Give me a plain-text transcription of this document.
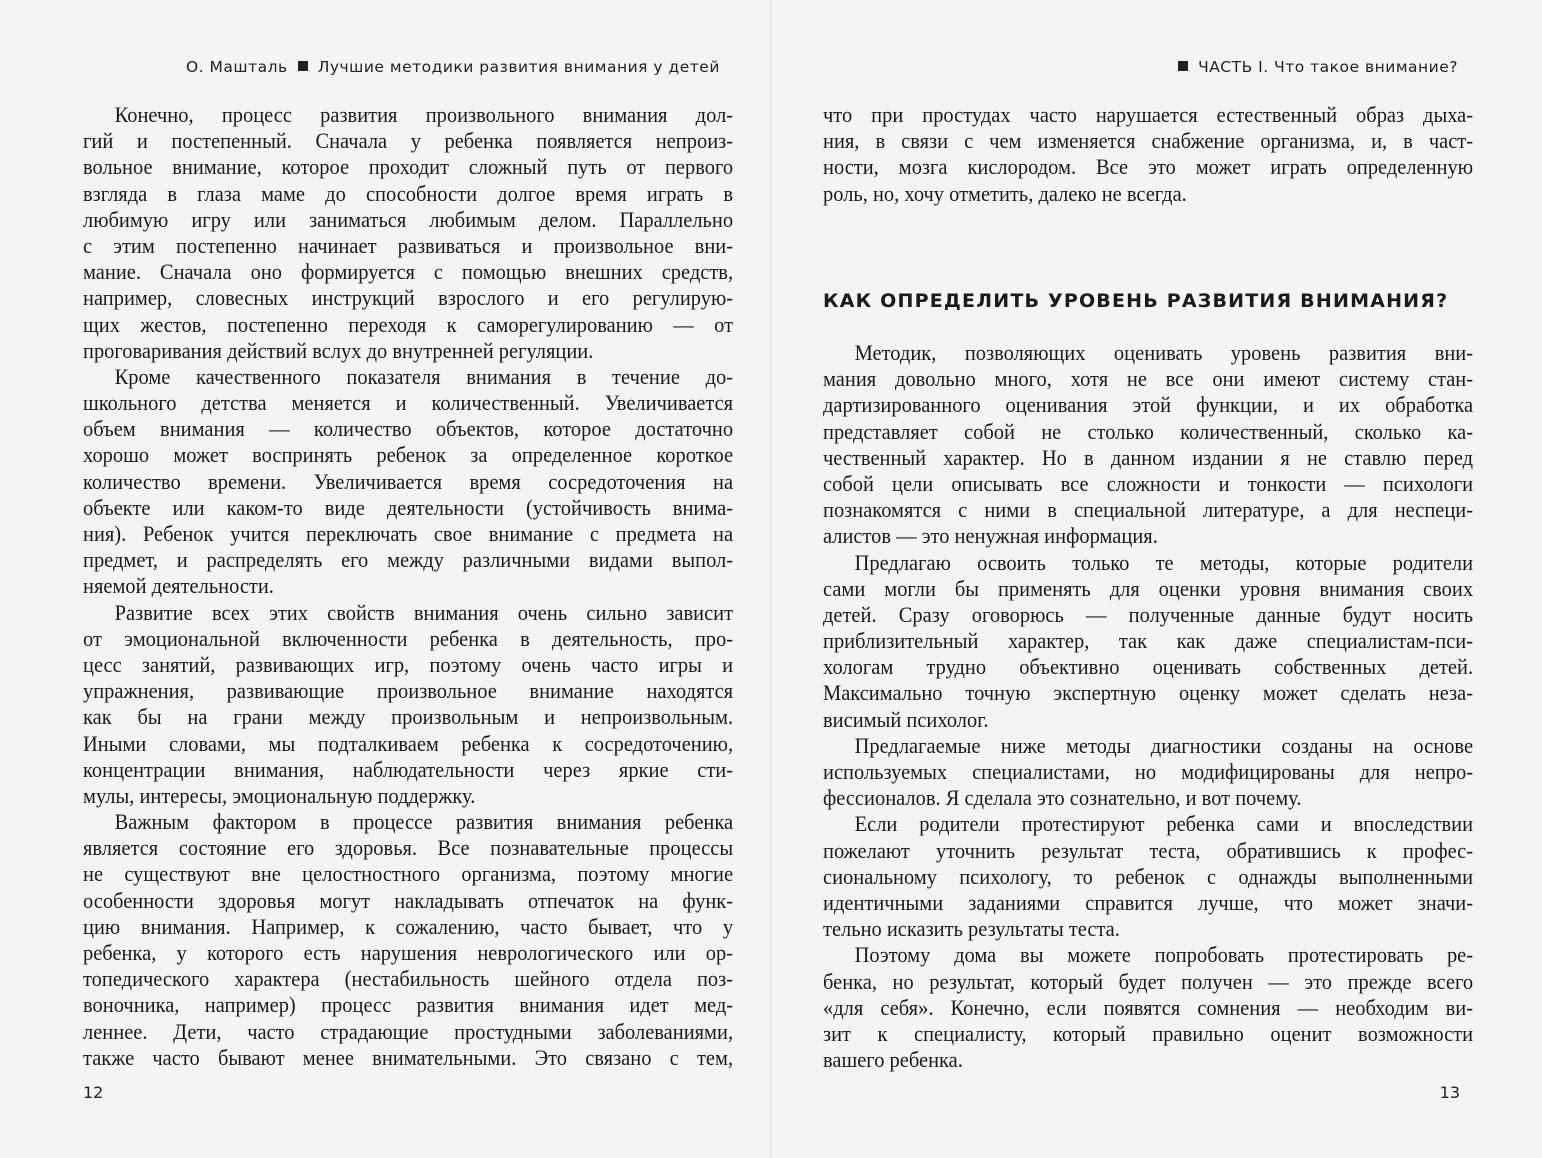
О. Машталь Лучшие методики развития внимания у детей
Конечно, процесс развития произвольного внимания дол-
гий и постепенный. Сначала у ребенка появляется непроиз-
вольное внимание, которое проходит сложный путь от первого
взгляда в глаза маме до способности долгое время играть в
любимую игру или заниматься любимым делом. Параллельно
с этим постепенно начинает развиваться и произвольное вни-
мание. Сначала оно формируется с помощью внешних средств,
например, словесных инструкций взрослого и его регулирую-
щих жестов, постепенно переходя к саморегулированию — от
проговаривания действий вслух до внутренней регуляции.
Кроме качественного показателя внимания в течение до-
школьного детства меняется и количественный. Увеличивается
объем внимания — количество объектов, которое достаточно
хорошо может воспринять ребенок за определенное короткое
количество времени. Увеличивается время сосредоточения на
объекте или каком-то виде деятельности (устойчивость внима-
ния). Ребенок учится переключать свое внимание с предмета на
предмет, и распределять его между различными видами выпол-
няемой деятельности.
Развитие всех этих свойств внимания очень сильно зависит
от эмоциональной включенности ребенка в деятельность, про-
цесс занятий, развивающих игр, поэтому очень часто игры и
упражнения, развивающие произвольное внимание находятся
как бы на грани между произвольным и непроизвольным.
Иными словами, мы подталкиваем ребенка к сосредоточению,
концентрации внимания, наблюдательности через яркие сти-
мулы, интересы, эмоциональную поддержку.
Важным фактором в процессе развития внимания ребенка
является состояние его здоровья. Все познавательные процессы
не существуют вне целостностного организма, поэтому многие
особенности здоровья могут накладывать отпечаток на функ-
цию внимания. Например, к сожалению, часто бывает, что у
ребенка, у которого есть нарушения неврологического или ор-
топедического характера (нестабильность шейного отдела поз-
воночника, например) процесс развития внимания идет мед-
леннее. Дети, часто страдающие простудными заболеваниями,
также часто бывают менее внимательными. Это связано с тем,
12
ЧАСТЬ I. Что такое внимание?
что при простудах часто нарушается естественный образ дыха-
ния, в связи с чем изменяется снабжение организма, и, в част-
ности, мозга кислородом. Все это может играть определенную
роль, но, хочу отметить, далеко не всегда.
КАК ОПРЕДЕЛИТЬ УРОВЕНЬ РАЗВИТИЯ ВНИМАНИЯ?
Методик, позволяющих оценивать уровень развития вни-
мания довольно много, хотя не все они имеют систему стан-
дартизированного оценивания этой функции, и их обработка
представляет собой не столько количественный, сколько ка-
чественный характер. Но в данном издании я не ставлю перед
собой цели описывать все сложности и тонкости — психологи
познакомятся с ними в специальной литературе, а для неспеци-
алистов — это ненужная информация.
Предлагаю освоить только те методы, которые родители
сами могли бы применять для оценки уровня внимания своих
детей. Сразу оговорюсь — полученные данные будут носить
приблизительный характер, так как даже специалистам-пси-
хологам трудно объективно оценивать собственных детей.
Максимально точную экспертную оценку может сделать неза-
висимый психолог.
Предлагаемые ниже методы диагностики созданы на основе
используемых специалистами, но модифицированы для непро-
фессионалов. Я сделала это сознательно, и вот почему.
Если родители протестируют ребенка сами и впоследствии
пожелают уточнить результат теста, обратившись к профес-
сиональному психологу, то ребенок с однажды выполненными
идентичными заданиями справится лучше, что может значи-
тельно исказить результаты теста.
Поэтому дома вы можете попробовать протестировать ре-
бенка, но результат, который будет получен — это прежде всего
«для себя». Конечно, если появятся сомнения — необходим ви-
зит к специалисту, который правильно оценит возможности
вашего ребенка.
13
